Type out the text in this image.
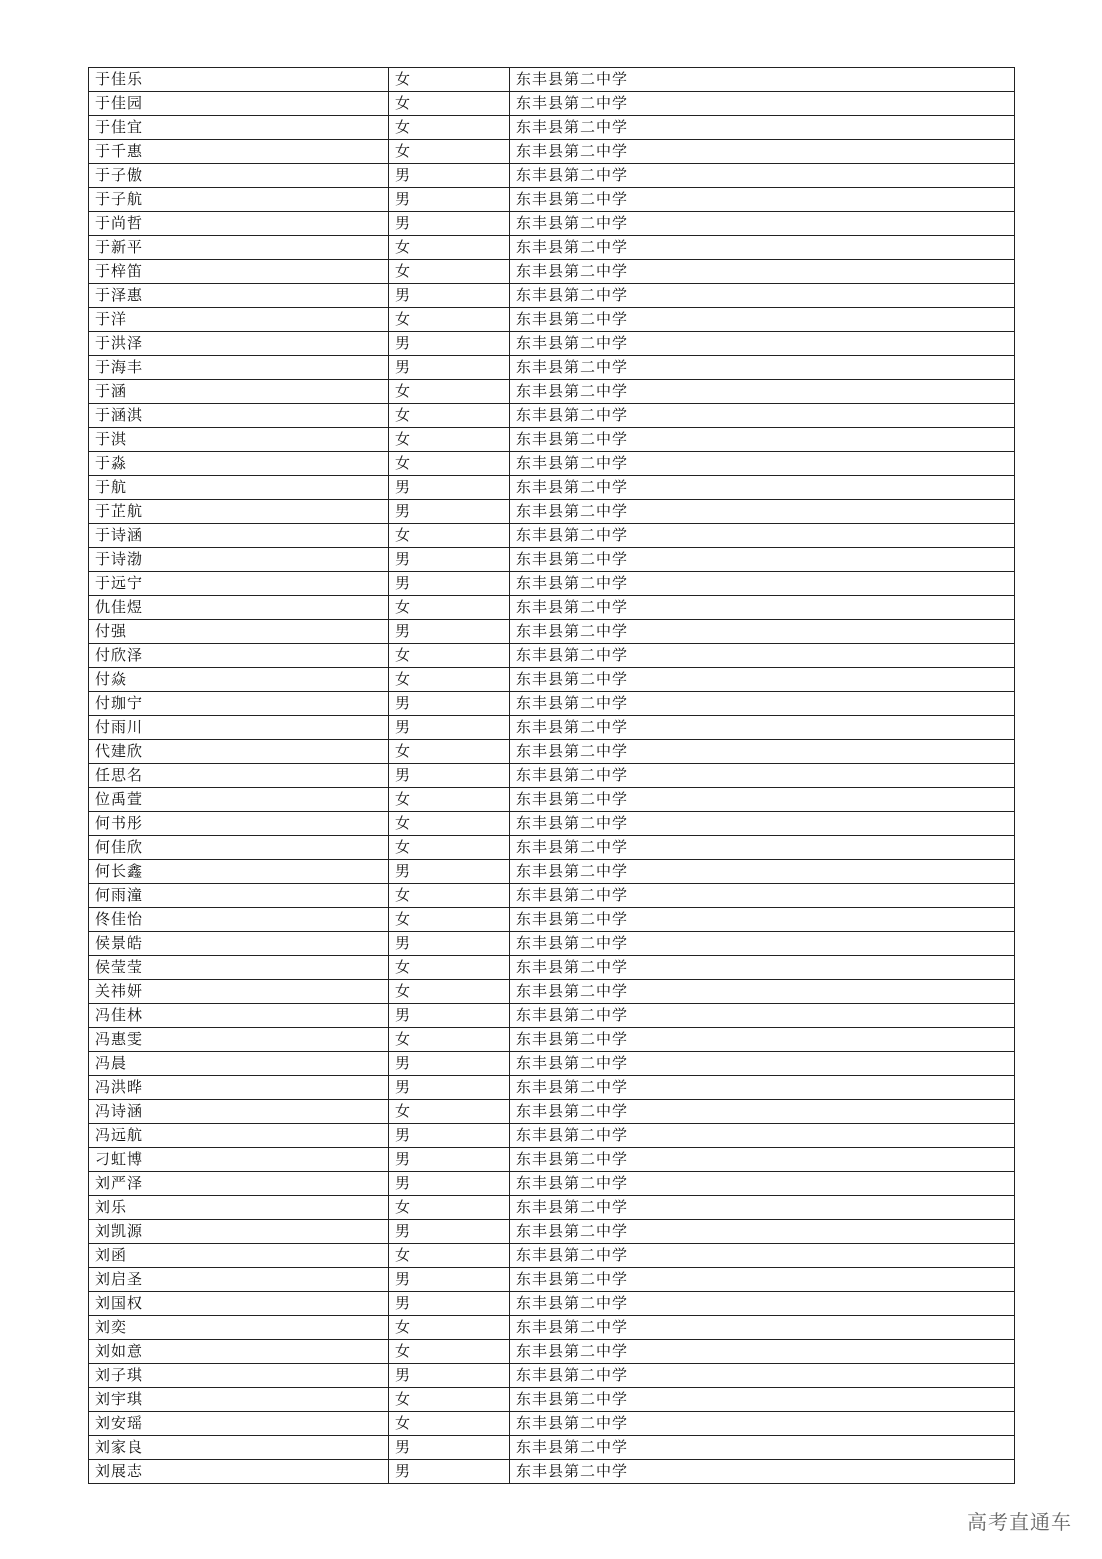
于佳乐	女	东丰县第二中学
于佳园	女	东丰县第二中学
于佳宜	女	东丰县第二中学
于千惠	女	东丰县第二中学
于子傲	男	东丰县第二中学
于子航	男	东丰县第二中学
于尚哲	男	东丰县第二中学
于新平	女	东丰县第二中学
于梓笛	女	东丰县第二中学
于泽惠	男	东丰县第二中学
于洋	女	东丰县第二中学
于洪泽	男	东丰县第二中学
于海丰	男	东丰县第二中学
于涵	女	东丰县第二中学
于涵淇	女	东丰县第二中学
于淇	女	东丰县第二中学
于淼	女	东丰县第二中学
于航	男	东丰县第二中学
于芷航	男	东丰县第二中学
于诗涵	女	东丰县第二中学
于诗渤	男	东丰县第二中学
于远宁	男	东丰县第二中学
仇佳煜	女	东丰县第二中学
付强	男	东丰县第二中学
付欣泽	女	东丰县第二中学
付焱	女	东丰县第二中学
付珈宁	男	东丰县第二中学
付雨川	男	东丰县第二中学
代建欣	女	东丰县第二中学
任思名	男	东丰县第二中学
位禹萱	女	东丰县第二中学
何书彤	女	东丰县第二中学
何佳欣	女	东丰县第二中学
何长鑫	男	东丰县第二中学
何雨潼	女	东丰县第二中学
佟佳怡	女	东丰县第二中学
侯景皓	男	东丰县第二中学
侯莹莹	女	东丰县第二中学
关祎妍	女	东丰县第二中学
冯佳林	男	东丰县第二中学
冯惠雯	女	东丰县第二中学
冯晨	男	东丰县第二中学
冯洪晔	男	东丰县第二中学
冯诗涵	女	东丰县第二中学
冯远航	男	东丰县第二中学
刁虹博	男	东丰县第二中学
刘严泽	男	东丰县第二中学
刘乐	女	东丰县第二中学
刘凯源	男	东丰县第二中学
刘函	女	东丰县第二中学
刘启圣	男	东丰县第二中学
刘国权	男	东丰县第二中学
刘奕	女	东丰县第二中学
刘如意	女	东丰县第二中学
刘子琪	男	东丰县第二中学
刘宇琪	女	东丰县第二中学
刘安瑶	女	东丰县第二中学
刘家良	男	东丰县第二中学
刘展志	男	东丰县第二中学
高考直通车
